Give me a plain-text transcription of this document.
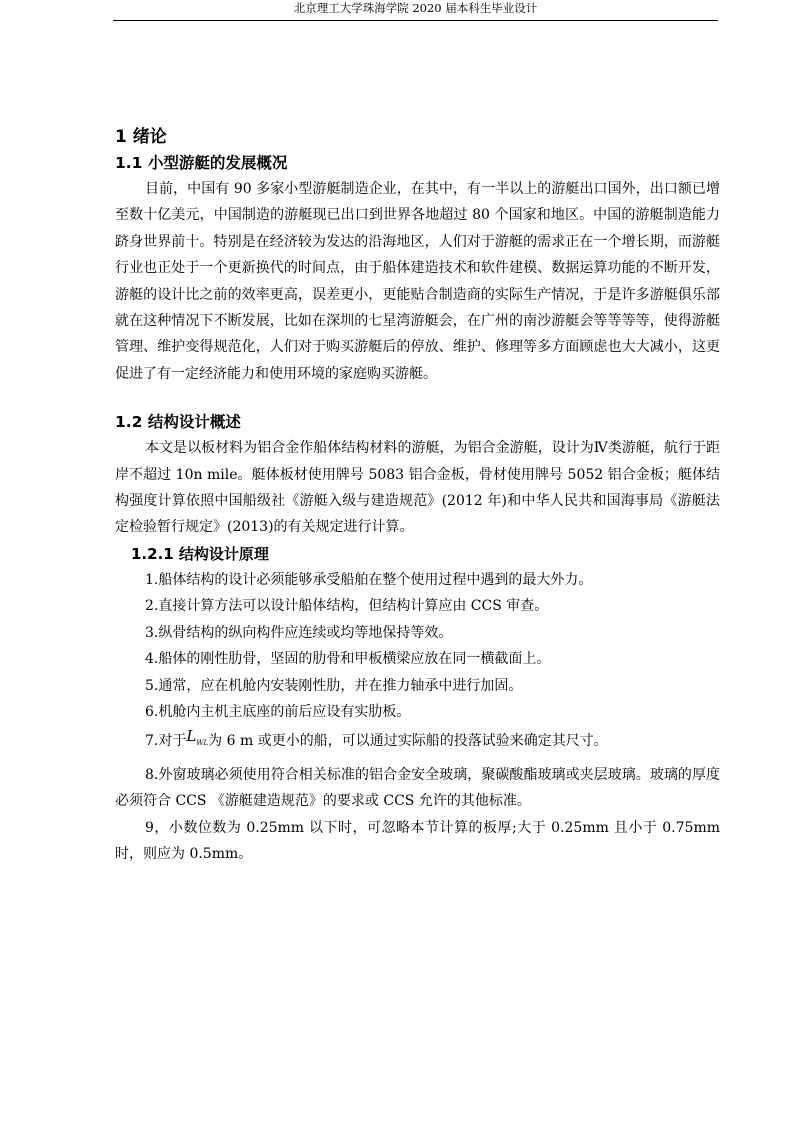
北京理工大学珠海学院 2020 届本科生毕业设计
1 绪论
1.1 小型游艇的发展概况

目前，中国有 90 多家小型游艇制造企业，在其中，有一半以上的游艇出口国外，出口额已增至数十亿美元，中国制造的游艇现已出口到世界各地超过 80 个国家和地区。中国的游艇制造能力跻身世界前十。特别是在经济较为发达的沿海地区，人们对于游艇的需求正在一个增长期，而游艇行业也正处于一个更新换代的时间点，由于船体建造技术和软件建模、数据运算功能的不断开发，游艇的设计比之前的效率更高，误差更小，更能贴合制造商的实际生产情况，于是许多游艇俱乐部就在这种情况下不断发展，比如在深圳的七星湾游艇会，在广州的南沙游艇会等等等等，使得游艇管理、维护变得规范化，人们对于购买游艇后的停放、维护、修理等多方面顾虑也大大减小，这更促进了有一定经济能力和使用环境的家庭购买游艇。

1.2 结构设计概述

本文是以板材料为铝合金作船体结构材料的游艇，为铝合金游艇，设计为Ⅳ类游艇，航行于距岸不超过 10n mile。艇体板材使用牌号 5083 铝合金板，骨材使用牌号 5052 铝合金板；艇体结构强度计算依照中国船级社《游艇入级与建造规范》(2012 年)和中华人民共和国海事局《游艇法定检验暂行规定》(2013)的有关规定进行计算。

1.2.1 结构设计原理

1.船体结构的设计必须能够承受船舶在整个使用过程中遇到的最大外力。

2.直接计算方法可以设计船体结构，但结构计算应由 CCS 审查。

3.纵骨结构的纵向构件应连续或均等地保持等效。

4.船体的刚性肋骨，坚固的肋骨和甲板横梁应放在同一横截面上。

5.通常，应在机舱内安装刚性肋，并在推力轴承中进行加固。

6.机舱内主机主底座的前后应设有实肋板。

7.对于$L_{WL}$为 6 m 或更小的船，可以通过实际船的投落试验来确定其尺寸。

8.外窗玻璃必须使用符合相关标准的铝合金安全玻璃，聚碳酸酯玻璃或夹层玻璃。玻璃的厚度必须符合 CCS 《游艇建造规范》的要求或 CCS 允许的其他标准。

9，小数位数为 0.25mm 以下时，可忽略本节计算的板厚;大于 0.25mm 且小于 0.75mm 时，则应为 0.5mm。
